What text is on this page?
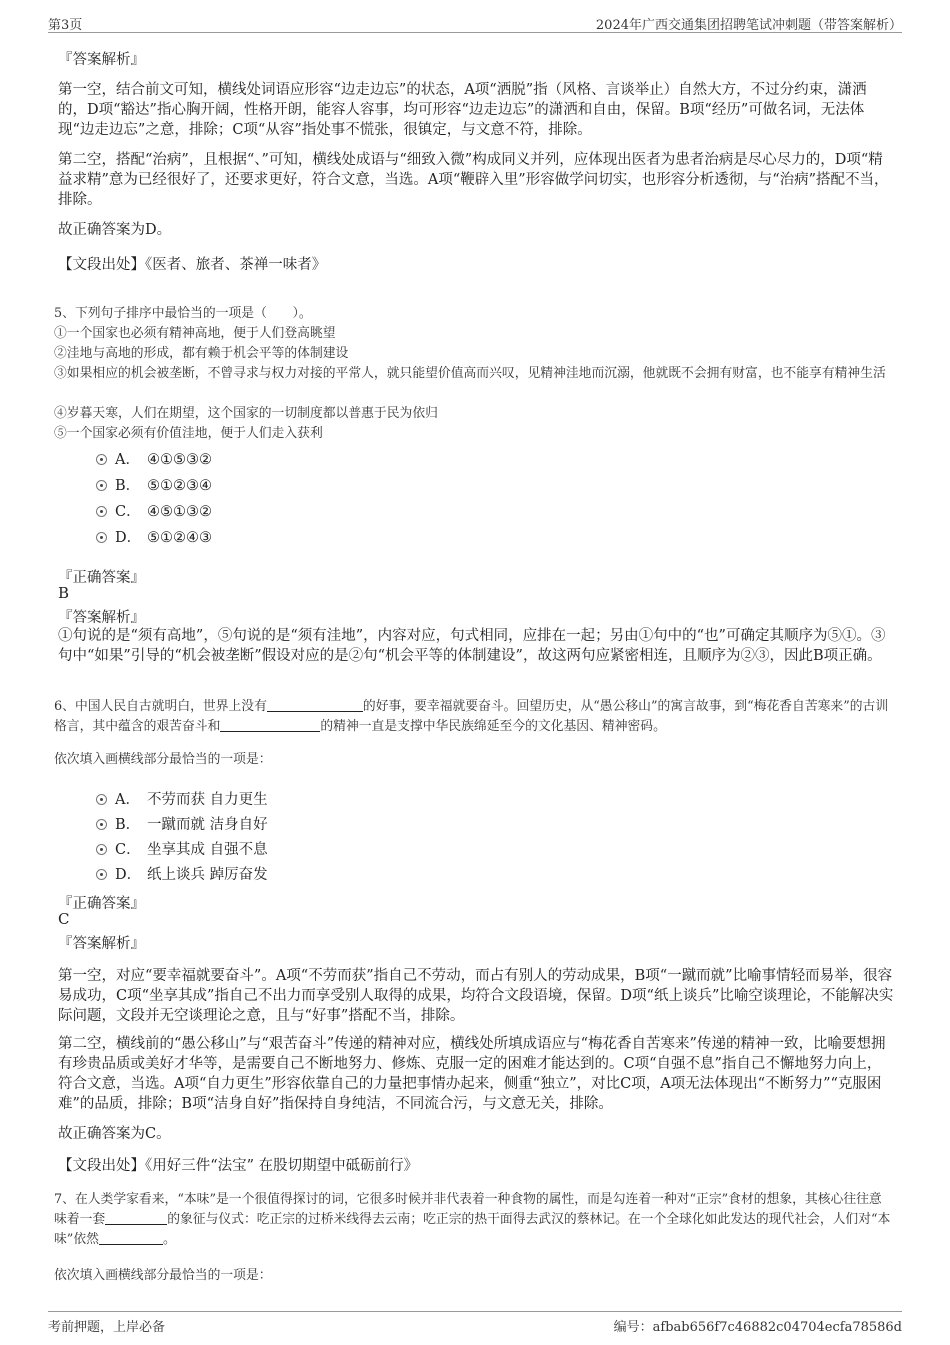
第3页	2024年广西交通集团招聘笔试冲刺题（带答案解析）
『答案解析』
第一空，结合前文可知，横线处词语应形容“边走边忘”的状态，A项“洒脱”指（风格、言谈举止）自然大方，不过分约束，潇洒的，D项“豁达”指心胸开阔，性格开朗，能容人容事，均可形容“边走边忘”的潇洒和自由，保留。B项“经历”可做名词，无法体现“边走边忘”之意，排除；C项“从容”指处事不慌张，很镇定，与文意不符，排除。
第二空，搭配“治病”，且根据“、”可知，横线处成语与“细致入微”构成同义并列，应体现出医者为患者治病是尽心尽力的，D项“精益求精”意为已经很好了，还要求更好，符合文意，当选。A项“鞭辟入里”形容做学问切实，也形容分析透彻，与“治病”搭配不当，排除。
故正确答案为D。
【文段出处】《医者、旅者、茶禅一味者》
5、下列句子排序中最恰当的一项是（　　）。
①一个国家也必须有精神高地，便于人们登高眺望
②洼地与高地的形成，都有赖于机会平等的体制建设
③如果相应的机会被垄断，不曾寻求与权力对接的平常人，就只能望价值高而兴叹，见精神洼地而沉溺，他就既不会拥有财富，也不能享有精神生活
④岁暮天寒，人们在期望，这个国家的一切制度都以普惠于民为依归
⑤一个国家必须有价值洼地，便于人们走入获利
A． ④①⑤③②
B． ⑤①②③④
C． ④⑤①③②
D． ⑤①②④③
『正确答案』
B
『答案解析』
①句说的是“须有高地”，⑤句说的是“须有洼地”，内容对应，句式相同，应排在一起；另由①句中的“也”可确定其顺序为⑤①。③句中“如果”引导的“机会被垄断”假设对应的是②句“机会平等的体制建设”，故这两句应紧密相连，且顺序为②③，因此B项正确。
6、中国人民自古就明白，世界上没有	的好事，要幸福就要奋斗。回望历史，从“愚公移山”的寓言故事，到“梅花香自苦寒来”的古训格言，其中蕴含的艰苦奋斗和	的精神一直是支撑中华民族绵延至今的文化基因、精神密码。
依次填入画横线部分最恰当的一项是：
A． 不劳而获 自力更生
B． 一蹴而就 洁身自好
C． 坐享其成 自强不息
D． 纸上谈兵 踔厉奋发
『正确答案』
C
『答案解析』
第一空，对应“要幸福就要奋斗”。A项“不劳而获”指自己不劳动，而占有别人的劳动成果，B项“一蹴而就”比喻事情轻而易举，很容易成功，C项“坐享其成”指自己不出力而享受别人取得的成果，均符合文段语境，保留。D项“纸上谈兵”比喻空谈理论，不能解决实际问题，文段并无空谈理论之意，且与“好事”搭配不当，排除。
第二空，横线前的“愚公移山”与“艰苦奋斗”传递的精神对应，横线处所填成语应与“梅花香自苦寒来”传递的精神一致，比喻要想拥有珍贵品质或美好才华等，是需要自己不断地努力、修炼、克服一定的困难才能达到的。C项“自强不息”指自己不懈地努力向上，符合文意，当选。A项“自力更生”形容依靠自己的力量把事情办起来，侧重“独立”，对比C项，A项无法体现出“不断努力”“克服困难”的品质，排除；B项“洁身自好”指保持自身纯洁，不同流合污，与文意无关，排除。
故正确答案为C。
【文段出处】《用好三件“法宝” 在股切期望中砥砺前行》
7、在人类学家看来，“本味”是一个很值得探讨的词，它很多时候并非代表着一种食物的属性，而是勾连着一种对“正宗”食材的想象，其核心往往意味着一套	的象征与仪式：吃正宗的过桥米线得去云南；吃正宗的热干面得去武汉的蔡林记。在一个全球化如此发达的现代社会，人们对“本味”依然	。
依次填入画横线部分最恰当的一项是：
考前押题，上岸必备	编号：afbab656f7c46882c04704ecfa78586d
